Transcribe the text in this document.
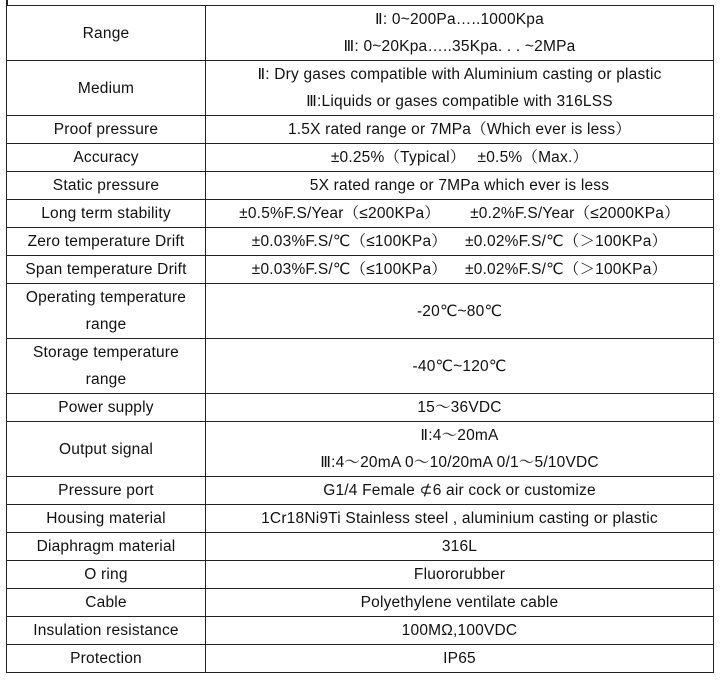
Range	Ⅱ: 0~200Pa…..1000Kpa
Ⅲ: 0~20Kpa…..35Kpa. . . ~2MPa

Medium	Ⅱ: Dry gases compatible with Aluminium casting or plastic
Ⅲ:Liquids or gases compatible with 316LSS

Proof pressure	1.5X rated range or 7MPa（Which ever is less）
Accuracy	±0.25%（Typical） ±0.5%（Max.）
Static pressure	5X rated range or 7MPa which ever is less
Long term stability	±0.5%F.S/Year（≤200KPa） ±0.2%F.S/Year（≤2000KPa）
Zero temperature Drift	±0.03%F.S/℃（≤100KPa） ±0.02%F.S/℃（＞100KPa）
Span temperature Drift	±0.03%F.S/℃（≤100KPa） ±0.02%F.S/℃（＞100KPa）

Operating temperature
range	-20℃~80℃

Storage temperature
range	-40℃~120℃
Power supply	15～36VDC
Output signal	Ⅱ:4～20mA
Ⅲ:4～20mA 0～10/20mA 0/1～5/10VDC

Pressure port	G1/4 Female ⊄6 air cock or customize
Housing material	1Cr18Ni9Ti Stainless steel , aluminium casting or plastic
Diaphragm material	316L
O ring	Fluororubber
Cable	Polyethylene ventilate cable
Insulation resistance	100MΩ,100VDC
Protection	IP65
